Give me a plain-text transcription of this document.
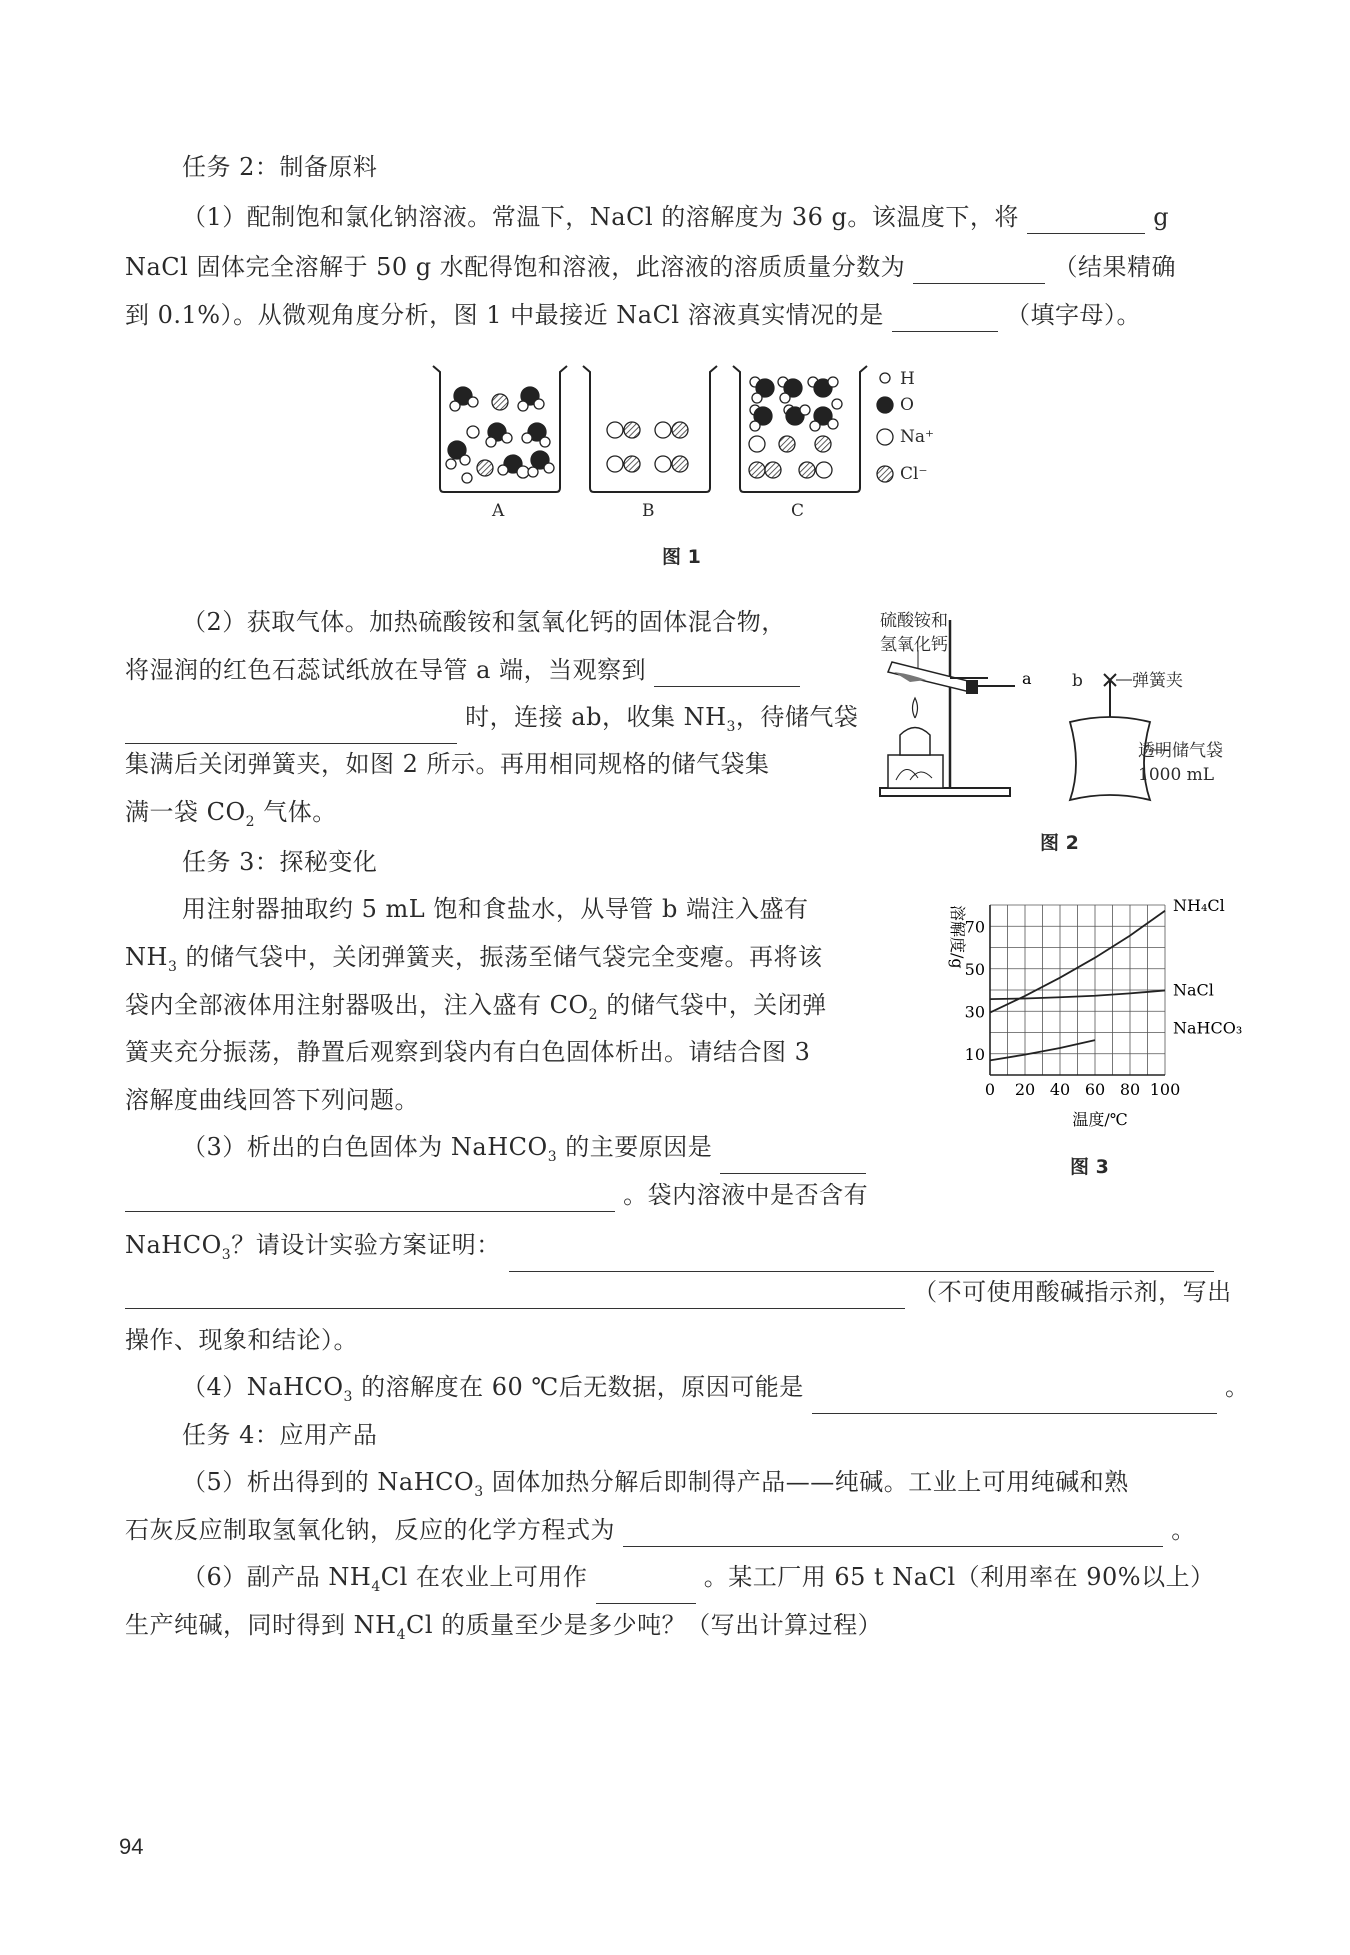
任务 2：制备原料
（1）配制饱和氯化钠溶液。常温下，NaCl 的溶解度为 36 g。该温度下，将	g
NaCl 固体完全溶解于 50 g 水配得饱和溶液，此溶液的溶质质量分数为	（结果精确
到 0.1%）。从微观角度分析，图 1 中最接近 NaCl 溶液真实情况的是	（填字母）。
H
O
Na⁺
Cl⁻
A	B	C
图 1
（2）获取气体。加热硫酸铵和氢氧化钙的固体混合物，
将湿润的红色石蕊试纸放在导管 a 端，当观察到
时，连接 ab，收集 $NH_3$，待储气袋
集满后关闭弹簧夹，如图 2 所示。再用相同规格的储气袋集
满一袋 $CO_2$ 气体。
硫酸铵和
氢氧化钙
a b	弹簧夹
透明储气袋
1000 mL
图 2
任务 3：探秘变化
用注射器抽取约 5 mL 饱和食盐水，从导管 b 端注入盛有
$NH_3$ 的储气袋中，关闭弹簧夹，振荡至储气袋完全变瘪。再将该
袋内全部液体用注射器吸出，注入盛有 $CO_2$ 的储气袋中，关闭弹
簧夹充分振荡，静置后观察到袋内有白色固体析出。请结合图 3
溶解度曲线回答下列问题。
NH₄Cl
NaCl
NaHCO₃
0 20 40 60 80 100
10
30
50
70
溶解度/g
温度/℃
图 3
（3）析出的白色固体为 NaHCO$_3$ 的主要原因是
。袋内溶液中是否含有
NaHCO$_3$？请设计实验方案证明：
（不可使用酸碱指示剂，写出
操作、现象和结论）。
（4）NaHCO$_3$ 的溶解度在 60 ℃后无数据，原因可能是	。
任务 4：应用产品
（5）析出得到的 NaHCO$_3$ 固体加热分解后即制得产品——纯碱。工业上可用纯碱和熟
石灰反应制取氢氧化钠，反应的化学方程式为	。
（6）副产品 $NH_4Cl$ 在农业上可用作	。某工厂用 65 t NaCl（利用率在 90%以上）
生产纯碱，同时得到 $NH_4Cl$ 的质量至少是多少吨？（写出计算过程）
94
